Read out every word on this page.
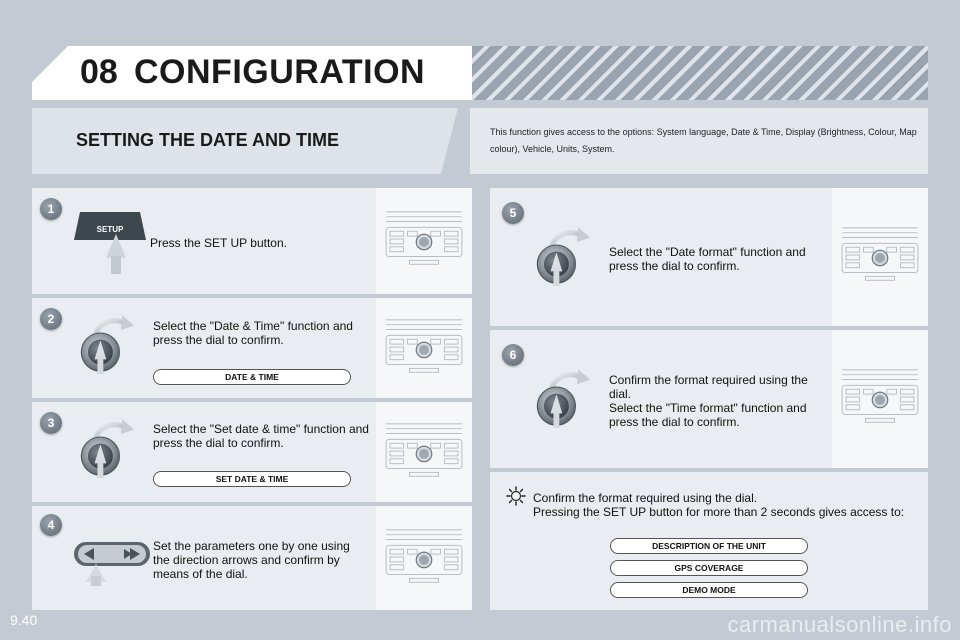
08 CONFIGURATION
SETTING THE DATE AND TIME	This function gives access to the options: System language, Date & Time, Display (Brightness, Colour, Map colour), Vehicle, Units, System.
1
SETUP
Press the SET UP button.
2	Select the "Date & Time" function and press the dial to confirm.
DATE & TIME
3	Select the "Set date & time" function and press the dial to confirm.
SET DATE & TIME
4
Set the parameters one by one using the direction arrows and confirm by means of the dial.
5
Select the "Date format" function and press the dial to confirm.
6
Confirm the format required using the dial.
Select the "Time format" function and press the dial to confirm.
Confirm the format required using the dial.
Pressing the SET UP button for more than 2 seconds gives access to:
DESCRIPTION OF THE UNIT
GPS COVERAGE
DEMO MODE
9.40	carmanualsonline.info
